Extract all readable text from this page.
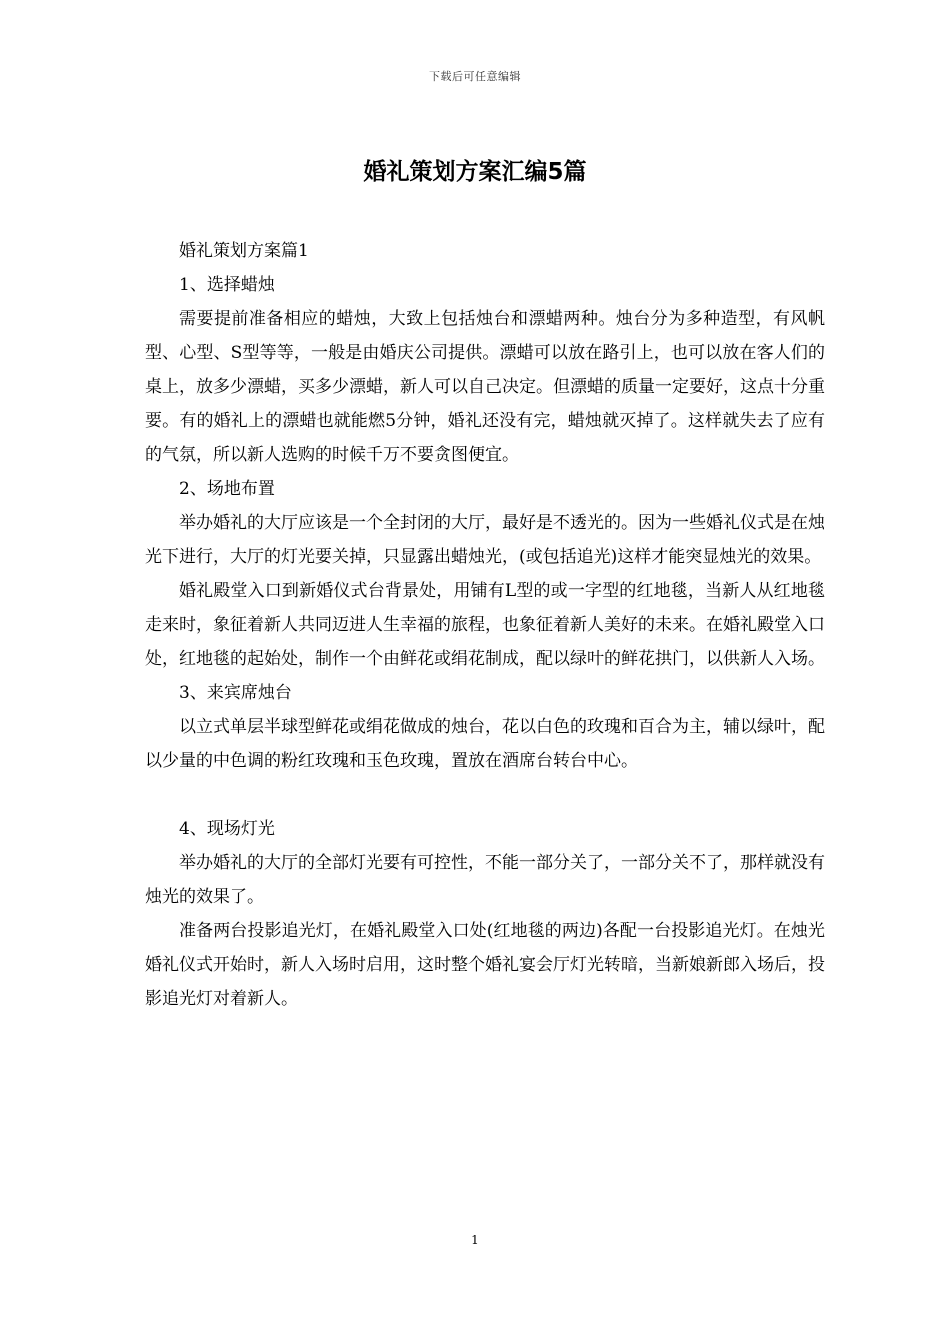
下载后可任意编辑
婚礼策划方案汇编5篇

婚礼策划方案篇1

1、选择蜡烛

需要提前准备相应的蜡烛，大致上包括烛台和漂蜡两种。烛台分为多种造型，有风帆型、心型、S型等等，一般是由婚庆公司提供。漂蜡可以放在路引上，也可以放在客人们的桌上，放多少漂蜡，买多少漂蜡，新人可以自己决定。但漂蜡的质量一定要好，这点十分重要。有的婚礼上的漂蜡也就能燃5分钟，婚礼还没有完，蜡烛就灭掉了。这样就失去了应有的气氛，所以新人选购的时候千万不要贪图便宜。

2、场地布置

举办婚礼的大厅应该是一个全封闭的大厅，最好是不透光的。因为一些婚礼仪式是在烛光下进行，大厅的灯光要关掉，只显露出蜡烛光，(或包括追光)这样才能突显烛光的效果。

婚礼殿堂入口到新婚仪式台背景处，用铺有L型的或一字型的红地毯，当新人从红地毯走来时，象征着新人共同迈进人生幸福的旅程，也象征着新人美好的未来。在婚礼殿堂入口处，红地毯的起始处，制作一个由鲜花或绢花制成，配以绿叶的鲜花拱门，以供新人入场。

3、来宾席烛台

以立式单层半球型鲜花或绢花做成的烛台，花以白色的玫瑰和百合为主，辅以绿叶，配以少量的中色调的粉红玫瑰和玉色玫瑰，置放在酒席台转台中心。

4、现场灯光

举办婚礼的大厅的全部灯光要有可控性，不能一部分关了，一部分关不了，那样就没有烛光的效果了。

准备两台投影追光灯，在婚礼殿堂入口处(红地毯的两边)各配一台投影追光灯。在烛光婚礼仪式开始时，新人入场时启用，这时整个婚礼宴会厅灯光转暗，当新娘新郎入场后，投影追光灯对着新人。

1
